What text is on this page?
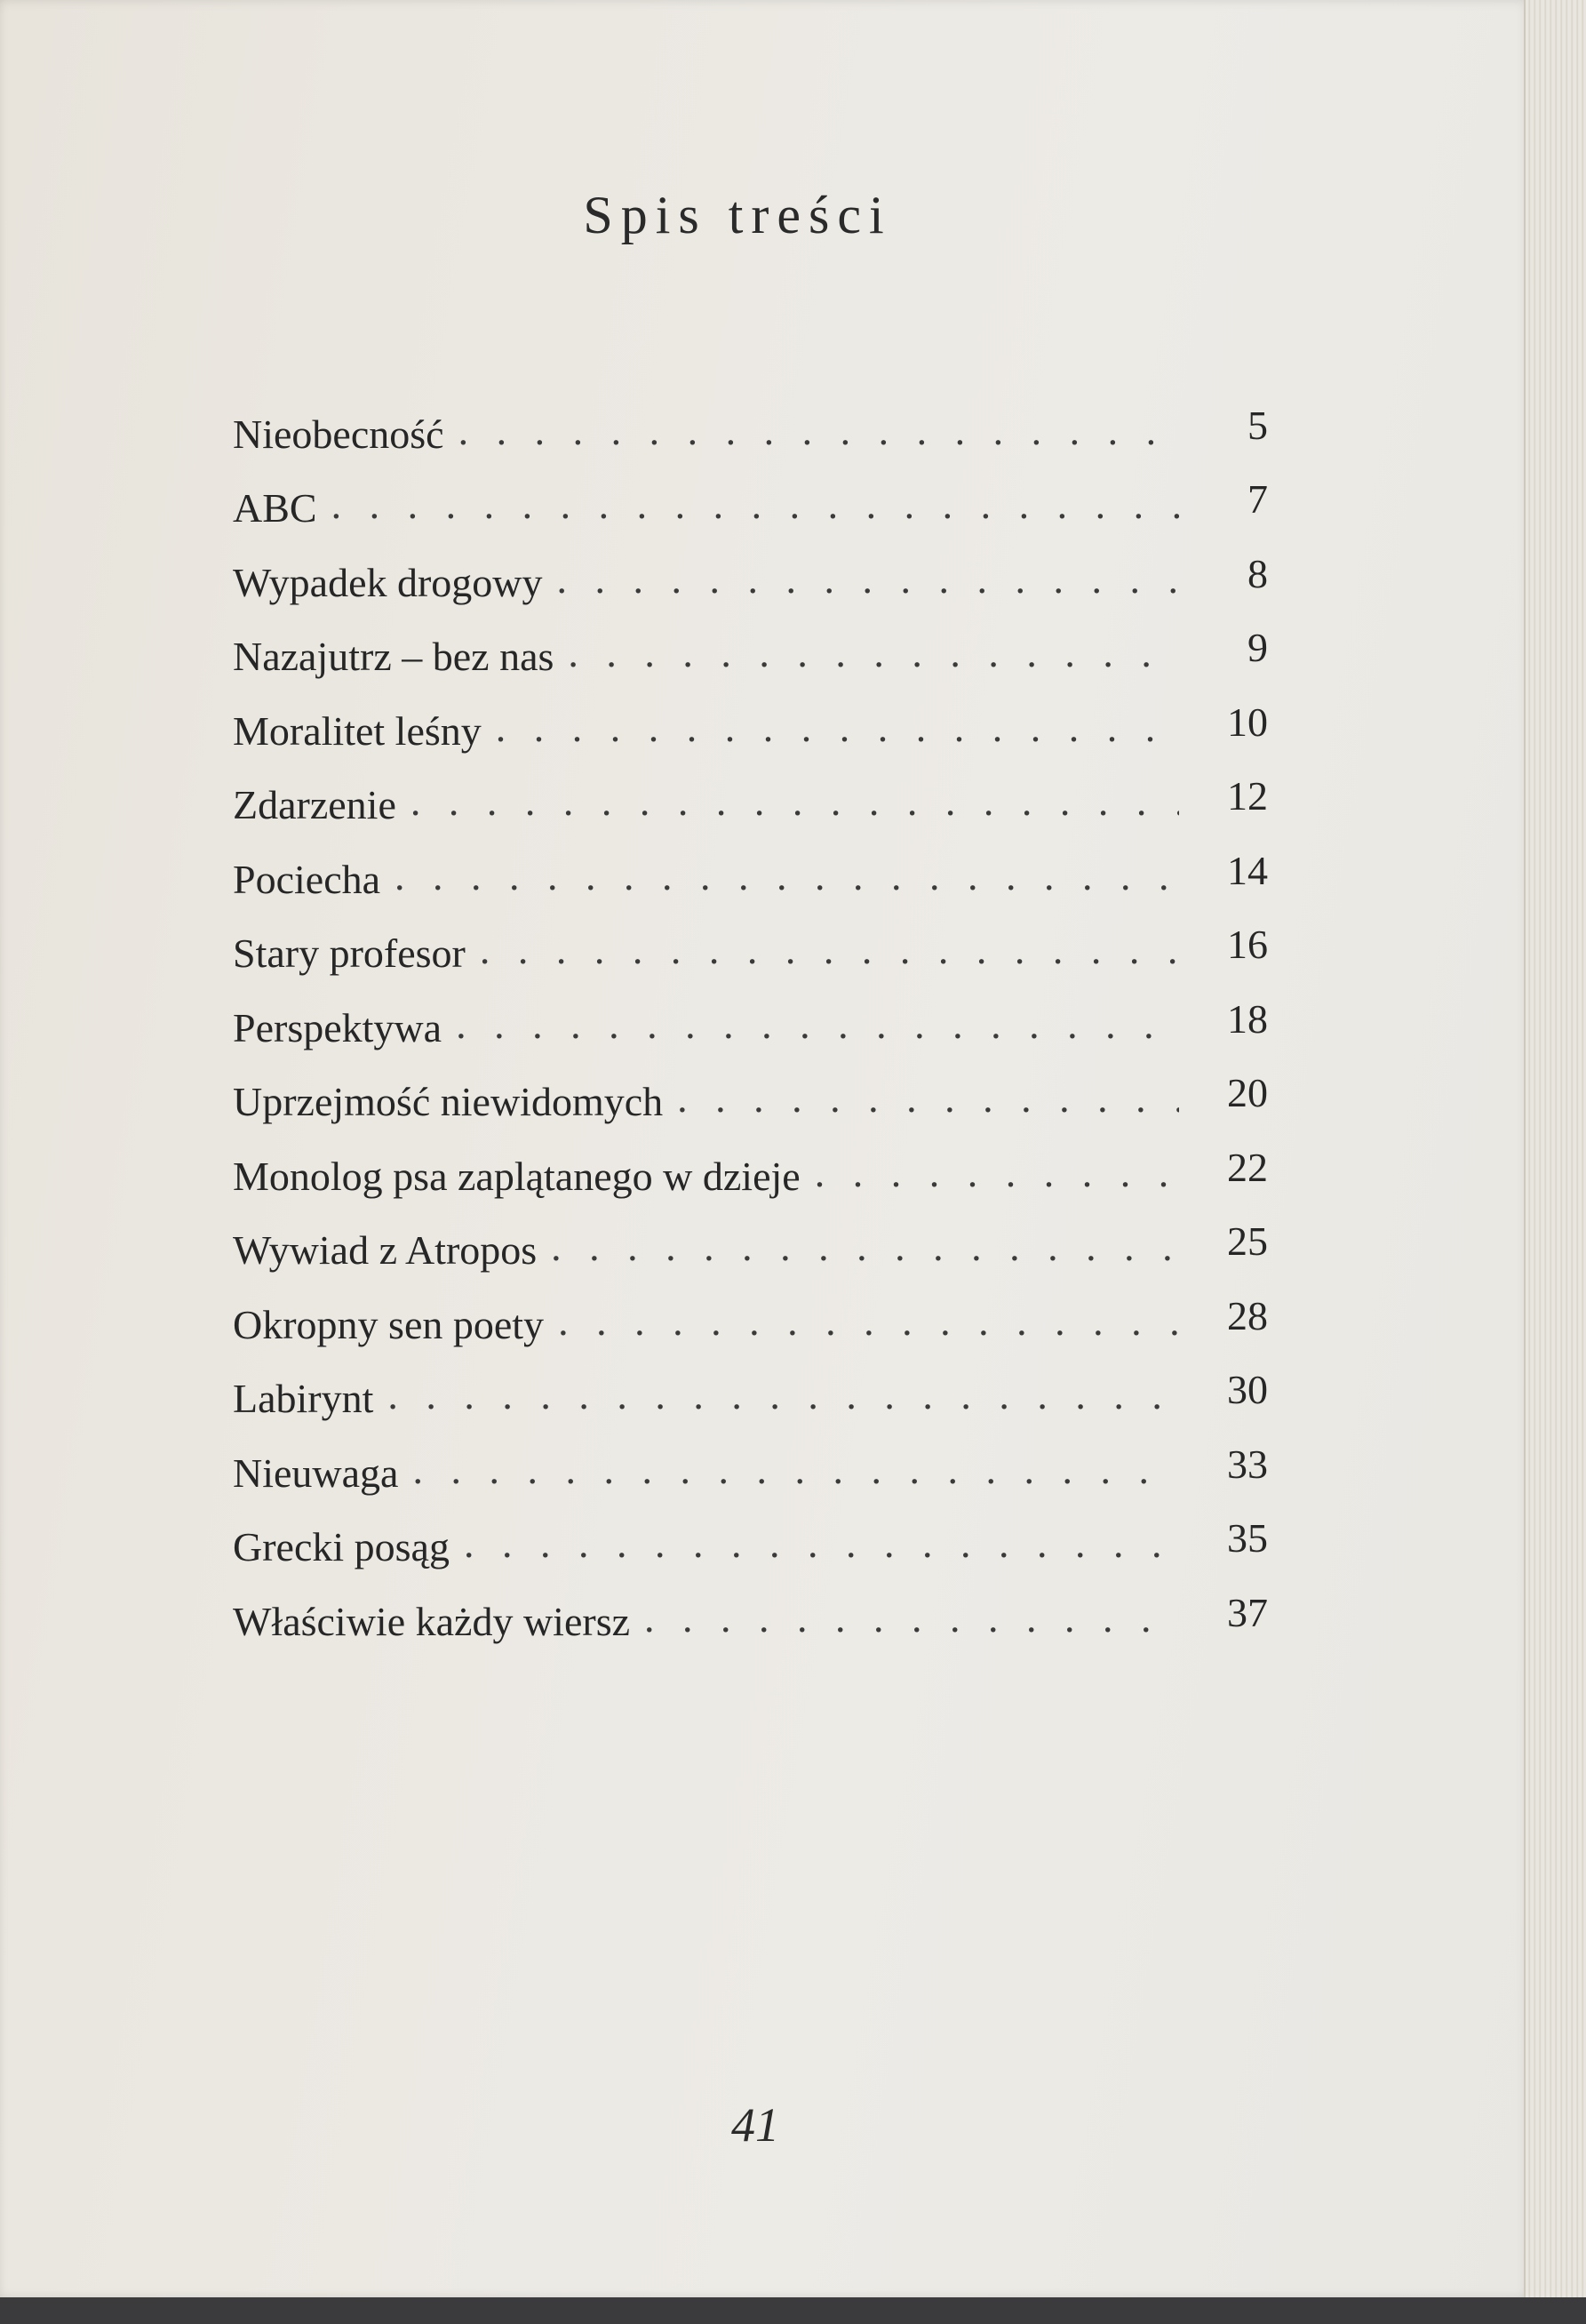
Spis treści
Nieobecność . . .	5
ABC . . .	7
Wypadek drogowy . . .	8
Nazajutrz – bez nas . . .	9
Moralitet leśny . . .	10
Zdarzenie . . .	12
Pociecha . . .	14
Stary profesor . . .	16
Perspektywa . . .	18
Uprzejmość niewidomych . . .	20
Monolog psa zaplątanego w dzieje . . .	22
Wywiad z Atropos . . .	25
Okropny sen poety . . .	28
Labirynt . . .	30
Nieuwaga . . .	33
Grecki posąg . . .	35
Właściwie każdy wiersz . . .	37
41
